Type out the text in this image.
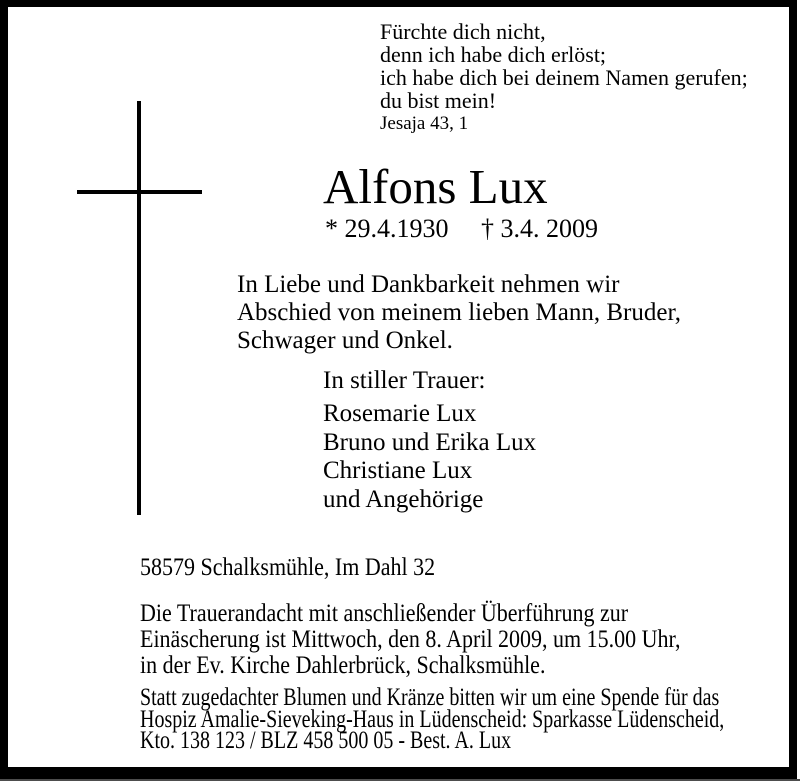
Fürchte dich nicht,
denn ich habe dich erlöst;
ich habe dich bei deinem Namen gerufen;
du bist mein!
Jesaja 43, 1
Alfons Lux
* 29.4.1930 † 3.4. 2009
In Liebe und Dankbarkeit nehmen wir
Abschied von meinem lieben Mann, Bruder,
Schwager und Onkel.
In stiller Trauer:
Rosemarie Lux
Bruno und Erika Lux
Christiane Lux
und Angehörige
58579 Schalksmühle, Im Dahl 32
Die Trauerandacht mit anschließender Überführung zur
Einäscherung ist Mittwoch, den 8. April 2009, um 15.00 Uhr,
in der Ev. Kirche Dahlerbrück, Schalksmühle.
Statt zugedachter Blumen und Kränze bitten wir um eine Spende für das
Hospiz Amalie-Sieveking-Haus in Lüdenscheid: Sparkasse Lüdenscheid,
Kto. 138 123 / BLZ 458 500 05 - Best. A. Lux
